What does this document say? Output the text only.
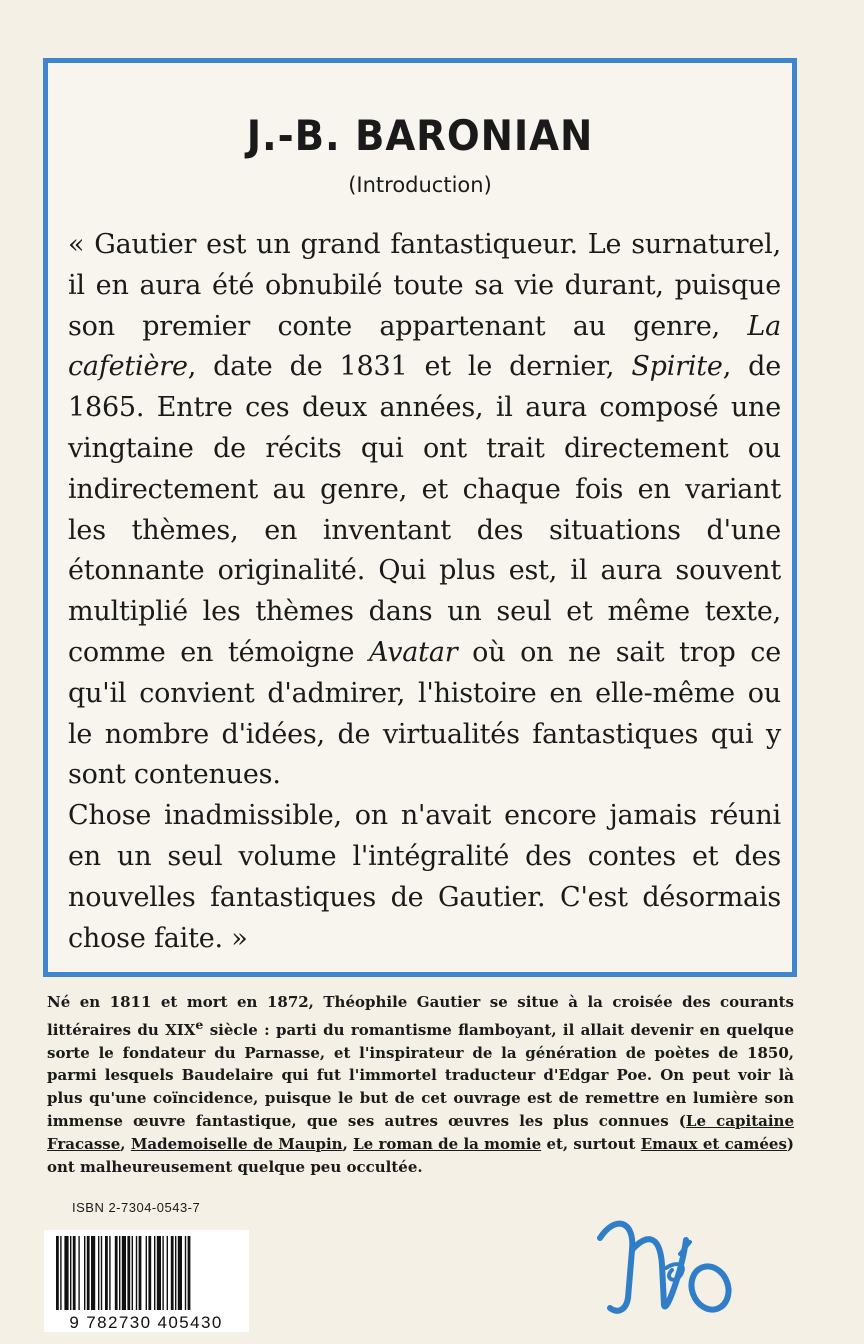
J.-B. BARONIAN
(Introduction)

« Gautier est un grand fantastiqueur. Le surnaturel, il en aura été obnubilé toute sa vie durant, puisque son premier conte appartenant au genre, La cafetière, date de 1831 et le dernier, Spirite, de 1865. Entre ces deux années, il aura composé une vingtaine de récits qui ont trait directement ou indirectement au genre, et chaque fois en variant les thèmes, en inventant des situations d'une étonnante originalité. Qui plus est, il aura souvent multiplié les thèmes dans un seul et même texte, comme en témoigne Avatar où on ne sait trop ce qu'il convient d'admirer, l'histoire en elle-même ou le nombre d'idées, de virtualités fantastiques qui y sont contenues.

Chose inadmissible, on n'avait encore jamais réuni en un seul volume l'intégralité des contes et des nouvelles fantastiques de Gautier. C'est désormais chose faite. »

Né en 1811 et mort en 1872, Théophile Gautier se situe à la croisée des courants littéraires du XIXe siècle : parti du romantisme flamboyant, il allait devenir en quelque sorte le fondateur du Parnasse, et l'inspirateur de la génération de poètes de 1850, parmi lesquels Baudelaire qui fut l'immortel traducteur d'Edgar Poe. On peut voir là plus qu'une coïncidence, puisque le but de cet ouvrage est de remettre en lumière son immense œuvre fantastique, que ses autres œuvres les plus connues (Le capitaine Fracasse, Mademoiselle de Maupin, Le roman de la momie et, surtout Emaux et camées) ont malheureusement quelque peu occultée.
ISBN 2-7304-0543-7
9 782730 405430
